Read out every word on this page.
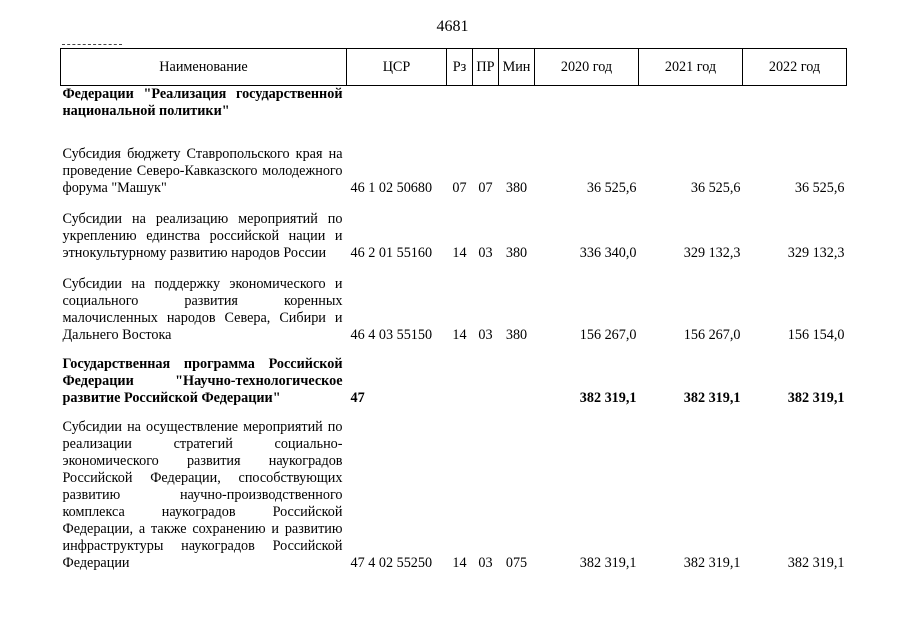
4681
Наименование	ЦСР	Рз	ПР	Мин	2020 год	2021 год	2022 год
Федерации "Реализация государственной национальной политики"							

Субсидия бюджету Ставропольского края на проведение Северо-Кавказского молодежного форума "Машук"	46 1 02 50680	07	07	380	36 525,6	36 525,6	36 525,6

Субсидии на реализацию мероприятий по укреплению единства российской нации и этнокультурному развитию народов России	46 2 01 55160	14	03	380	336 340,0	329 132,3	329 132,3

Субсидии на поддержку экономического и социального развития коренных малочисленных народов Севера, Сибири и Дальнего Востока	46 4 03 55150	14	03	380	156 267,0	156 267,0	156 154,0

Государственная программа Российской Федерации "Научно-технологическое развитие Российской Федерации"	47				382 319,1	382 319,1	382 319,1

Субсидии на осуществление мероприятий по реализации стратегий социально-экономического развития наукоградов Российской Федерации, способствующих развитию научно-производственного комплекса наукоградов Российской Федерации, а также сохранению и развитию инфраструктуры наукоградов Российской Федерации	47 4 02 55250	14	03	075	382 319,1	382 319,1	382 319,1
